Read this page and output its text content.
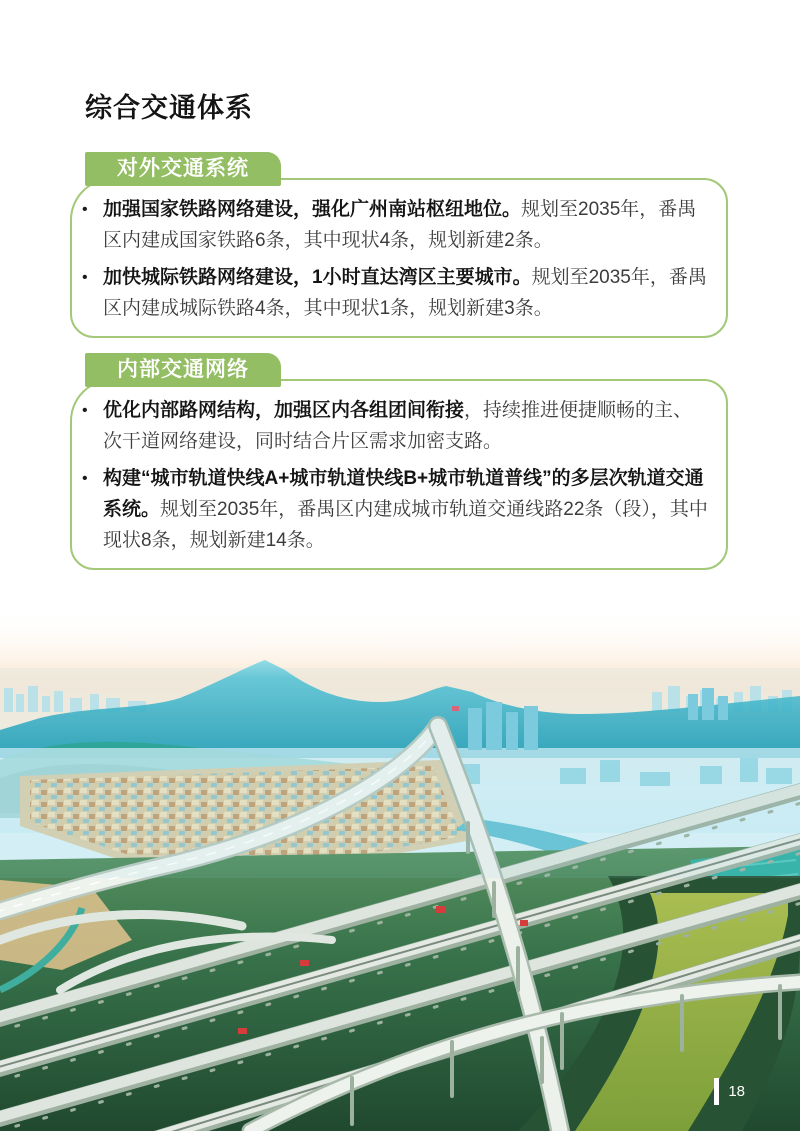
综合交通体系
对外交通系统
• 加强国家铁路网络建设，强化广州南站枢纽地位。规划至2035年，番禺区内建成国家铁路6条，其中现状4条，规划新建2条。
• 加快城际铁路网络建设，1小时直达湾区主要城市。规划至2035年，番禺区内建成城际铁路4条，其中现状1条，规划新建3条。
内部交通网络
• 优化内部路网结构，加强区内各组团间衔接，持续推进便捷顺畅的主、次干道网络建设，同时结合片区需求加密支路。
• 构建“城市轨道快线A+城市轨道快线B+城市轨道普线”的多层次轨道交通系统。规划至2035年，番禺区内建成城市轨道交通线路22条（段），其中现状8条，规划新建14条。
18
